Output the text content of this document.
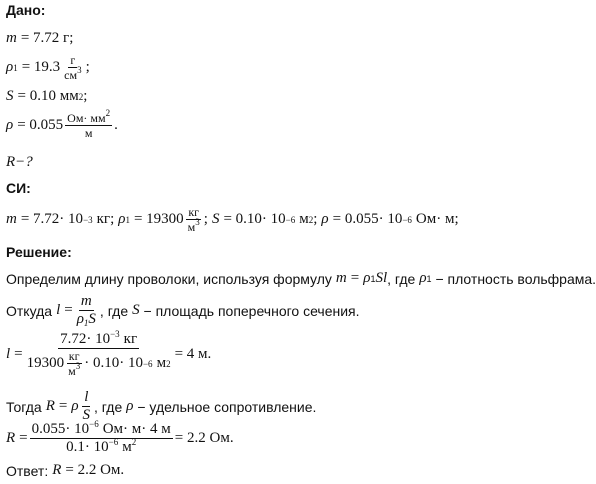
Дано:
m = 7.72 г;
ρ $1 = 19.3 \frac{г}{см^3}$ ;
S = 0.10 мм 2 ;
$\rho = 0.055 \frac{Ом\cdot мм^2}{м}$ .
R−?
СИ:
m = 7.72· 10 −3 кг; ρ $1 = 19300 \frac{кг}{м^3}$ ; S = 0.10· 10 −6 м 2 ; ρ = 0.055· 10 −6 Ом· м;
Решение:
Определим длину проволоки, используя формулу m = ρ 1 Sl , где ρ 1 − плотность вольфрама.
Откуда $l = \frac{m}{\rho_1S}$ , где S − площадь поперечного сечения.
l =
$7.72\cdot 10^{-3}$ кг
$19300 \frac{кг}{м^3} \cdot 0.10\cdot 10 -6$ м 2
= 4 м.
Тогда R = ρ $\frac{l}{S}$ , где ρ − удельное сопротивление.
$R = \frac{0.055\cdot 10^{-6} Ом\cdot м\cdot 4 м}{0.1\cdot 10^{-6} м^2} = 2.2$ Ом.
Ответ: R = 2.2 Ом.
